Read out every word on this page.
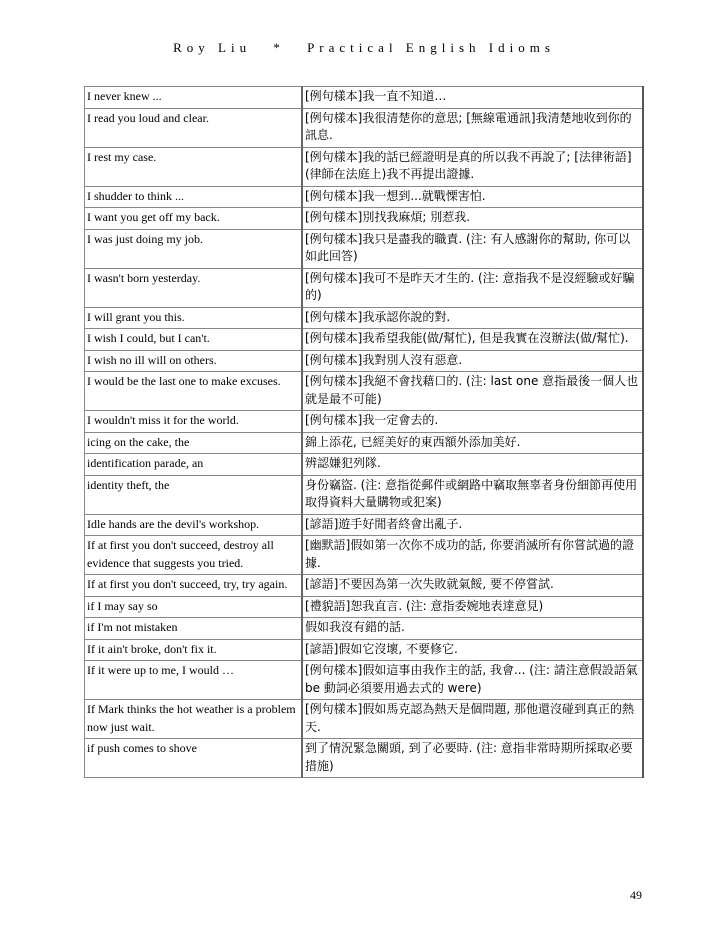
Roy Liu * Practical English Idioms
I never knew ...	[例句樣本]我一直不知道…
I read you loud and clear.	[例句樣本]我很清楚你的意思; [無線電通訊]我清楚地收到你的訊息.
I rest my case.	[例句樣本]我的話已經證明是真的所以我不再說了; [法律術語](律師在法庭上)我不再提出證據.
I shudder to think ...	[例句樣本]我一想到...就戰慄害怕.
I want you get off my back.	[例句樣本]別找我麻煩; 別惹我.
I was just doing my job.	[例句樣本]我只是盡我的職責. (注: 有人感謝你的幫助, 你可以如此回答)
I wasn't born yesterday.	[例句樣本]我可不是昨天才生的. (注: 意指我不是沒經驗或好騙的)
I will grant you this.	[例句樣本]我承認你說的對.
I wish I could, but I can't.	[例句樣本]我希望我能(做/幫忙), 但是我實在沒辦法(做/幫忙).
I wish no ill will on others.	[例句樣本]我對別人沒有惡意.
I would be the last one to make excuses.	[例句樣本]我絕不會找藉口的. (注: last one 意指最後一個人也就是最不可能)
I wouldn't miss it for the world.	[例句樣本]我一定會去的.
icing on the cake, the	錦上添花, 已經美好的東西額外添加美好.
identification parade, an	辨認嫌犯列隊.
identity theft, the	身份竊盜. (注: 意指從郵件或網路中竊取無辜者身份細節再使用取得資料大量購物或犯案)
Idle hands are the devil's workshop.	[諺語]遊手好閒者終會出亂子.
If at first you don't succeed, destroy all evidence that suggests you tried.	[幽默語]假如第一次你不成功的話, 你要消滅所有你嘗試過的證據.
If at first you don't succeed, try, try again.	[諺語]不要因為第一次失敗就氣餒, 要不停嘗試.
if I may say so	[禮貌語]恕我直言. (注: 意指委婉地表達意見)
if I'm not mistaken	假如我沒有錯的話.
If it ain't broke, don't fix it.	[諺語]假如它沒壞, 不要修它.
If it were up to me, I would …	[例句樣本]假如這事由我作主的話, 我會... (注: 請注意假設語氣 be 動詞必須要用過去式的 were)
If Mark thinks the hot weather is a problem now just wait.	[例句樣本]假如馬克認為熱天是個問題, 那他還沒碰到真正的熱天.
if push comes to shove	到了情況緊急關頭, 到了必要時. (注: 意指非常時期所採取必要措施)
49
